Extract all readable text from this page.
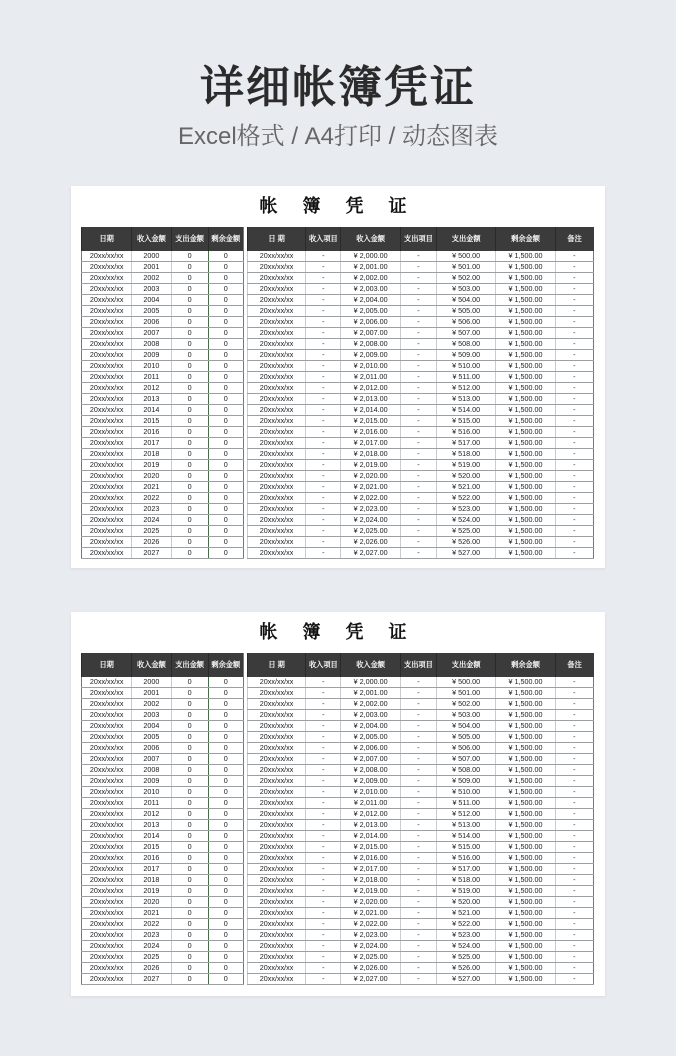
详细帐簿凭证
Excel格式 / A4打印 / 动态图表
帐 簿 凭 证
日期	收入金额	支出金额	剩余金额		日 期	收入项目	收入金额	支出项目	支出金额	剩余金额	备注
20xx/xx/xx	2000	0	0		20xx/xx/xx	-	¥ 2,000.00	-	¥ 500.00	¥ 1,500.00	-
20xx/xx/xx	2001	0	0		20xx/xx/xx	-	¥ 2,001.00	-	¥ 501.00	¥ 1,500.00	-
20xx/xx/xx	2002	0	0		20xx/xx/xx	-	¥ 2,002.00	-	¥ 502.00	¥ 1,500.00	-
20xx/xx/xx	2003	0	0		20xx/xx/xx	-	¥ 2,003.00	-	¥ 503.00	¥ 1,500.00	-
20xx/xx/xx	2004	0	0		20xx/xx/xx	-	¥ 2,004.00	-	¥ 504.00	¥ 1,500.00	-
20xx/xx/xx	2005	0	0		20xx/xx/xx	-	¥ 2,005.00	-	¥ 505.00	¥ 1,500.00	-
20xx/xx/xx	2006	0	0		20xx/xx/xx	-	¥ 2,006.00	-	¥ 506.00	¥ 1,500.00	-
20xx/xx/xx	2007	0	0		20xx/xx/xx	-	¥ 2,007.00	-	¥ 507.00	¥ 1,500.00	-
20xx/xx/xx	2008	0	0		20xx/xx/xx	-	¥ 2,008.00	-	¥ 508.00	¥ 1,500.00	-
20xx/xx/xx	2009	0	0		20xx/xx/xx	-	¥ 2,009.00	-	¥ 509.00	¥ 1,500.00	-
20xx/xx/xx	2010	0	0		20xx/xx/xx	-	¥ 2,010.00	-	¥ 510.00	¥ 1,500.00	-
20xx/xx/xx	2011	0	0		20xx/xx/xx	-	¥ 2,011.00	-	¥ 511.00	¥ 1,500.00	-
20xx/xx/xx	2012	0	0		20xx/xx/xx	-	¥ 2,012.00	-	¥ 512.00	¥ 1,500.00	-
20xx/xx/xx	2013	0	0		20xx/xx/xx	-	¥ 2,013.00	-	¥ 513.00	¥ 1,500.00	-
20xx/xx/xx	2014	0	0		20xx/xx/xx	-	¥ 2,014.00	-	¥ 514.00	¥ 1,500.00	-
20xx/xx/xx	2015	0	0		20xx/xx/xx	-	¥ 2,015.00	-	¥ 515.00	¥ 1,500.00	-
20xx/xx/xx	2016	0	0		20xx/xx/xx	-	¥ 2,016.00	-	¥ 516.00	¥ 1,500.00	-
20xx/xx/xx	2017	0	0		20xx/xx/xx	-	¥ 2,017.00	-	¥ 517.00	¥ 1,500.00	-
20xx/xx/xx	2018	0	0		20xx/xx/xx	-	¥ 2,018.00	-	¥ 518.00	¥ 1,500.00	-
20xx/xx/xx	2019	0	0		20xx/xx/xx	-	¥ 2,019.00	-	¥ 519.00	¥ 1,500.00	-
20xx/xx/xx	2020	0	0		20xx/xx/xx	-	¥ 2,020.00	-	¥ 520.00	¥ 1,500.00	-
20xx/xx/xx	2021	0	0		20xx/xx/xx	-	¥ 2,021.00	-	¥ 521.00	¥ 1,500.00	-
20xx/xx/xx	2022	0	0		20xx/xx/xx	-	¥ 2,022.00	-	¥ 522.00	¥ 1,500.00	-
20xx/xx/xx	2023	0	0		20xx/xx/xx	-	¥ 2,023.00	-	¥ 523.00	¥ 1,500.00	-
20xx/xx/xx	2024	0	0		20xx/xx/xx	-	¥ 2,024.00	-	¥ 524.00	¥ 1,500.00	-
20xx/xx/xx	2025	0	0		20xx/xx/xx	-	¥ 2,025.00	-	¥ 525.00	¥ 1,500.00	-
20xx/xx/xx	2026	0	0		20xx/xx/xx	-	¥ 2,026.00	-	¥ 526.00	¥ 1,500.00	-
20xx/xx/xx	2027	0	0		20xx/xx/xx	-	¥ 2,027.00	-	¥ 527.00	¥ 1,500.00	-
帐 簿 凭 证
日期	收入金额	支出金额	剩余金额		日 期	收入项目	收入金额	支出项目	支出金额	剩余金额	备注
20xx/xx/xx	2000	0	0		20xx/xx/xx	-	¥ 2,000.00	-	¥ 500.00	¥ 1,500.00	-
20xx/xx/xx	2001	0	0		20xx/xx/xx	-	¥ 2,001.00	-	¥ 501.00	¥ 1,500.00	-
20xx/xx/xx	2002	0	0		20xx/xx/xx	-	¥ 2,002.00	-	¥ 502.00	¥ 1,500.00	-
20xx/xx/xx	2003	0	0		20xx/xx/xx	-	¥ 2,003.00	-	¥ 503.00	¥ 1,500.00	-
20xx/xx/xx	2004	0	0		20xx/xx/xx	-	¥ 2,004.00	-	¥ 504.00	¥ 1,500.00	-
20xx/xx/xx	2005	0	0		20xx/xx/xx	-	¥ 2,005.00	-	¥ 505.00	¥ 1,500.00	-
20xx/xx/xx	2006	0	0		20xx/xx/xx	-	¥ 2,006.00	-	¥ 506.00	¥ 1,500.00	-
20xx/xx/xx	2007	0	0		20xx/xx/xx	-	¥ 2,007.00	-	¥ 507.00	¥ 1,500.00	-
20xx/xx/xx	2008	0	0		20xx/xx/xx	-	¥ 2,008.00	-	¥ 508.00	¥ 1,500.00	-
20xx/xx/xx	2009	0	0		20xx/xx/xx	-	¥ 2,009.00	-	¥ 509.00	¥ 1,500.00	-
20xx/xx/xx	2010	0	0		20xx/xx/xx	-	¥ 2,010.00	-	¥ 510.00	¥ 1,500.00	-
20xx/xx/xx	2011	0	0		20xx/xx/xx	-	¥ 2,011.00	-	¥ 511.00	¥ 1,500.00	-
20xx/xx/xx	2012	0	0		20xx/xx/xx	-	¥ 2,012.00	-	¥ 512.00	¥ 1,500.00	-
20xx/xx/xx	2013	0	0		20xx/xx/xx	-	¥ 2,013.00	-	¥ 513.00	¥ 1,500.00	-
20xx/xx/xx	2014	0	0		20xx/xx/xx	-	¥ 2,014.00	-	¥ 514.00	¥ 1,500.00	-
20xx/xx/xx	2015	0	0		20xx/xx/xx	-	¥ 2,015.00	-	¥ 515.00	¥ 1,500.00	-
20xx/xx/xx	2016	0	0		20xx/xx/xx	-	¥ 2,016.00	-	¥ 516.00	¥ 1,500.00	-
20xx/xx/xx	2017	0	0		20xx/xx/xx	-	¥ 2,017.00	-	¥ 517.00	¥ 1,500.00	-
20xx/xx/xx	2018	0	0		20xx/xx/xx	-	¥ 2,018.00	-	¥ 518.00	¥ 1,500.00	-
20xx/xx/xx	2019	0	0		20xx/xx/xx	-	¥ 2,019.00	-	¥ 519.00	¥ 1,500.00	-
20xx/xx/xx	2020	0	0		20xx/xx/xx	-	¥ 2,020.00	-	¥ 520.00	¥ 1,500.00	-
20xx/xx/xx	2021	0	0		20xx/xx/xx	-	¥ 2,021.00	-	¥ 521.00	¥ 1,500.00	-
20xx/xx/xx	2022	0	0		20xx/xx/xx	-	¥ 2,022.00	-	¥ 522.00	¥ 1,500.00	-
20xx/xx/xx	2023	0	0		20xx/xx/xx	-	¥ 2,023.00	-	¥ 523.00	¥ 1,500.00	-
20xx/xx/xx	2024	0	0		20xx/xx/xx	-	¥ 2,024.00	-	¥ 524.00	¥ 1,500.00	-
20xx/xx/xx	2025	0	0		20xx/xx/xx	-	¥ 2,025.00	-	¥ 525.00	¥ 1,500.00	-
20xx/xx/xx	2026	0	0		20xx/xx/xx	-	¥ 2,026.00	-	¥ 526.00	¥ 1,500.00	-
20xx/xx/xx	2027	0	0		20xx/xx/xx	-	¥ 2,027.00	-	¥ 527.00	¥ 1,500.00	-
